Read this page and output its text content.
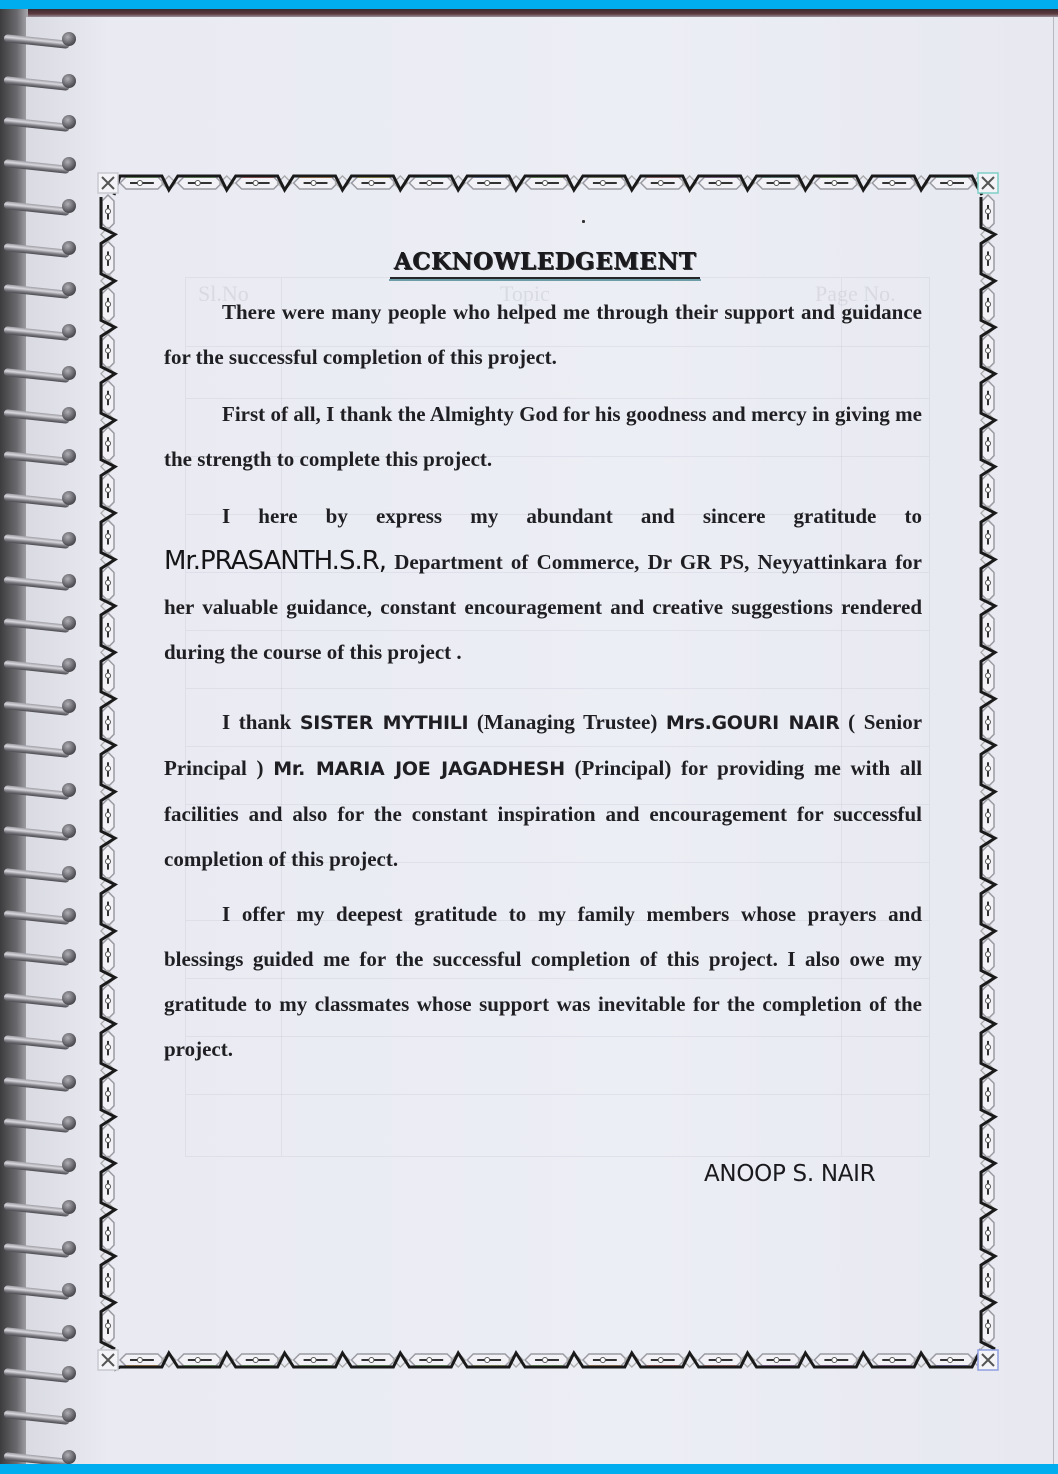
Sl.No	Topic	Page No.
ACKNOWLEDGEMENT
There were many people who helped me through their support and guidance for the successful completion of this project.
First of all, I thank the Almighty God for his goodness and mercy in giving me the strength to complete this project.
I here by express my abundant and sincere gratitude to Mr.PRASANTH.S.R, Department of Commerce, Dr GR PS, Neyyattinkara for her valuable guidance, constant encouragement and creative suggestions rendered during the course of this project .
I thank SISTER MYTHILI (Managing Trustee) Mrs.GOURI NAIR ( Senior Principal ) Mr. MARIA JOE JAGADHESH (Principal) for providing me with all facilities and also for the constant inspiration and encouragement for successful completion of this project.
I offer my deepest gratitude to my family members whose prayers and blessings guided me for the successful completion of this project. I also owe my gratitude to my classmates whose support was inevitable for the completion of the project.
ANOOP S. NAIR
